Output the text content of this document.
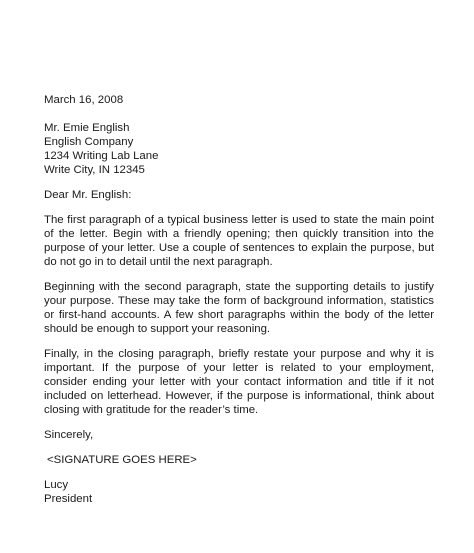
March 16, 2008

Mr. Emie English
English Company
1234 Writing Lab Lane
Write City, IN 12345

Dear Mr. English:

The first paragraph of a typical business letter is used to state the main point of the letter. Begin with a friendly opening; then quickly transition into the purpose of your letter. Use a couple of sentences to explain the purpose, but do not go in to detail until the next paragraph.

Beginning with the second paragraph, state the supporting details to justify your purpose. These may take the form of background information, statistics or first-hand accounts. A few short paragraphs within the body of the letter should be enough to support your reasoning.

Finally, in the closing paragraph, briefly restate your purpose and why it is important. If the purpose of your letter is related to your employment, consider ending your letter with your contact information and title if it not included on letterhead. However, if the purpose is informational, think about closing with gratitude for the reader’s time.

Sincerely,

<SIGNATURE GOES HERE>

Lucy
President
